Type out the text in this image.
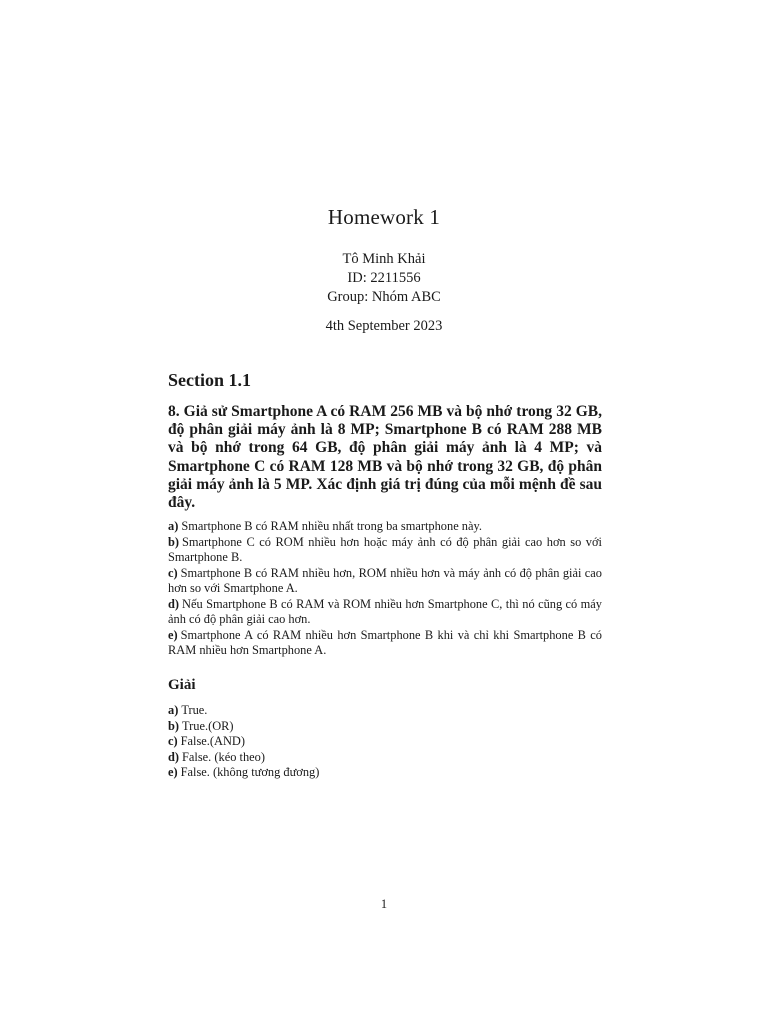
Homework 1
Tô Minh Khải
ID: 2211556
Group: Nhóm ABC
4th September 2023
Section 1.1
8. Giả sử Smartphone A có RAM 256 MB và bộ nhớ trong 32 GB, độ phân giải máy ảnh là 8 MP; Smartphone B có RAM 288 MB và bộ nhớ trong 64 GB, độ phân giải máy ảnh là 4 MP; và Smartphone C có RAM 128 MB và bộ nhớ trong 32 GB, độ phân giải máy ảnh là 5 MP. Xác định giá trị đúng của mỗi mệnh đề sau đây.
a) Smartphone B có RAM nhiều nhất trong ba smartphone này.
b) Smartphone C có ROM nhiều hơn hoặc máy ảnh có độ phân giải cao hơn so với Smartphone B.
c) Smartphone B có RAM nhiều hơn, ROM nhiều hơn và máy ảnh có độ phân giải cao hơn so với Smartphone A.
d) Nếu Smartphone B có RAM và ROM nhiều hơn Smartphone C, thì nó cũng có máy ảnh có độ phân giải cao hơn.
e) Smartphone A có RAM nhiều hơn Smartphone B khi và chỉ khi Smartphone B có RAM nhiều hơn Smartphone A.
Giải
a) True.
b) True.(OR)
c) False.(AND)
d) False. (kéo theo)
e) False. (không tương đương)
1
